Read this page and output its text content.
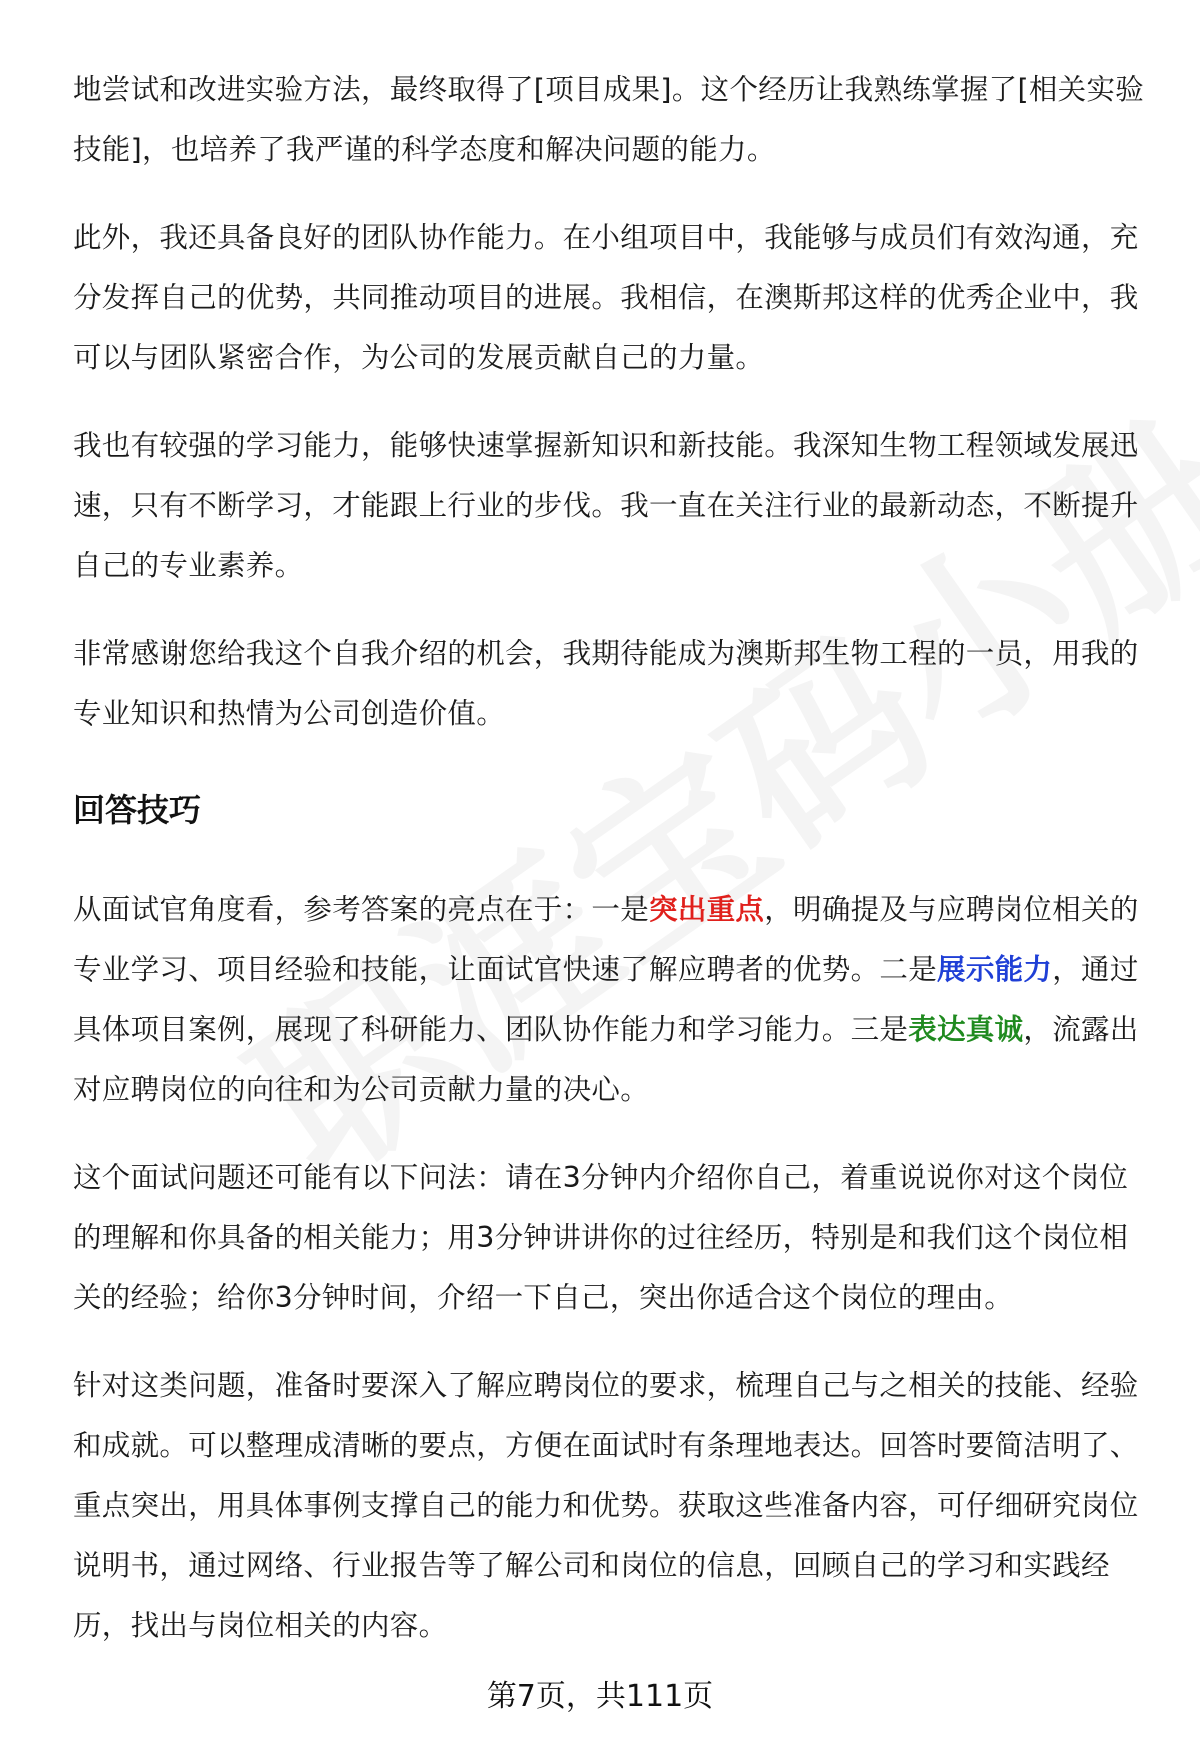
地尝试和改进实验方法，最终取得了[项目成果]。这个经历让我熟练掌握了[相关实验技能]，也培养了我严谨的科学态度和解决问题的能力。

此外，我还具备良好的团队协作能力。在小组项目中，我能够与成员们有效沟通，充分发挥自己的优势，共同推动项目的进展。我相信，在澳斯邦这样的优秀企业中，我可以与团队紧密合作，为公司的发展贡献自己的力量。

我也有较强的学习能力，能够快速掌握新知识和新技能。我深知生物工程领域发展迅速，只有不断学习，才能跟上行业的步伐。我一直在关注行业的最新动态，不断提升自己的专业素养。

非常感谢您给我这个自我介绍的机会，我期待能成为澳斯邦生物工程的一员，用我的专业知识和热情为公司创造价值。

回答技巧

从面试官角度看，参考答案的亮点在于：一是突出重点，明确提及与应聘岗位相关的专业学习、项目经验和技能，让面试官快速了解应聘者的优势。二是展示能力，通过具体项目案例，展现了科研能力、团队协作能力和学习能力。三是表达真诚，流露出对应聘岗位的向往和为公司贡献力量的决心。

这个面试问题还可能有以下问法：请在3分钟内介绍你自己，着重说说你对这个岗位的理解和你具备的相关能力；用3分钟讲讲你的过往经历，特别是和我们这个岗位相关的经验；给你3分钟时间，介绍一下自己，突出你适合这个岗位的理由。

针对这类问题，准备时要深入了解应聘岗位的要求，梳理自己与之相关的技能、经验和成就。可以整理成清晰的要点，方便在面试时有条理地表达。回答时要简洁明了、重点突出，用具体事例支撑自己的能力和优势。获取这些准备内容，可仔细研究岗位说明书，通过网络、行业报告等了解公司和岗位的信息，回顾自己的学习和实践经历，找出与岗位相关的内容。

第7页，共111页
